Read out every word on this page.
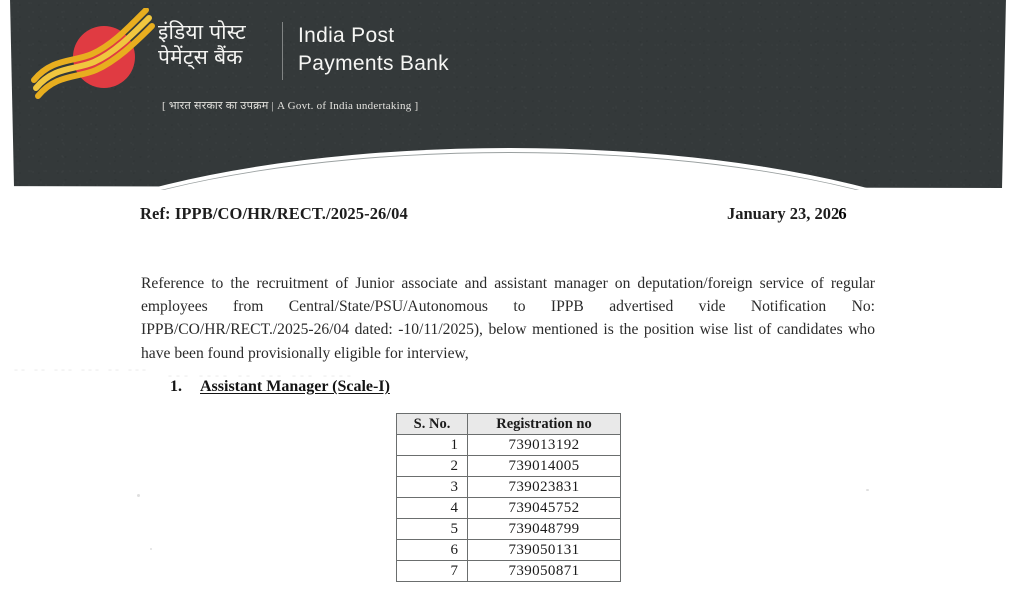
इंडिया पोस्ट
पेमेंट्स बैंक
India Post
Payments Bank
[ भारत सरकार का उपक्रम | A Govt. of India undertaking ]
Ref: IPPB/CO/HR/RECT./2025-26/04	January 23, 2026
Reference to the recruitment of Junior associate and assistant manager on deputation/foreign service of regular employees from Central/State/PSU/Autonomous to IPPB advertised vide Notification No: IPPB/CO/HR/RECT./2025-26/04 dated: -10/11/2025), below mentioned is the position wise list of candidates who have been found provisionally eligible for interview,
-- -- --- --- -- --- --- ---- -- --- --- ----
1. Assistant Manager (Scale-I)
S. No.	Registration no
1	739013192
2	739014005
3	739023831
4	739045752
5	739048799
6	739050131
7	739050871
